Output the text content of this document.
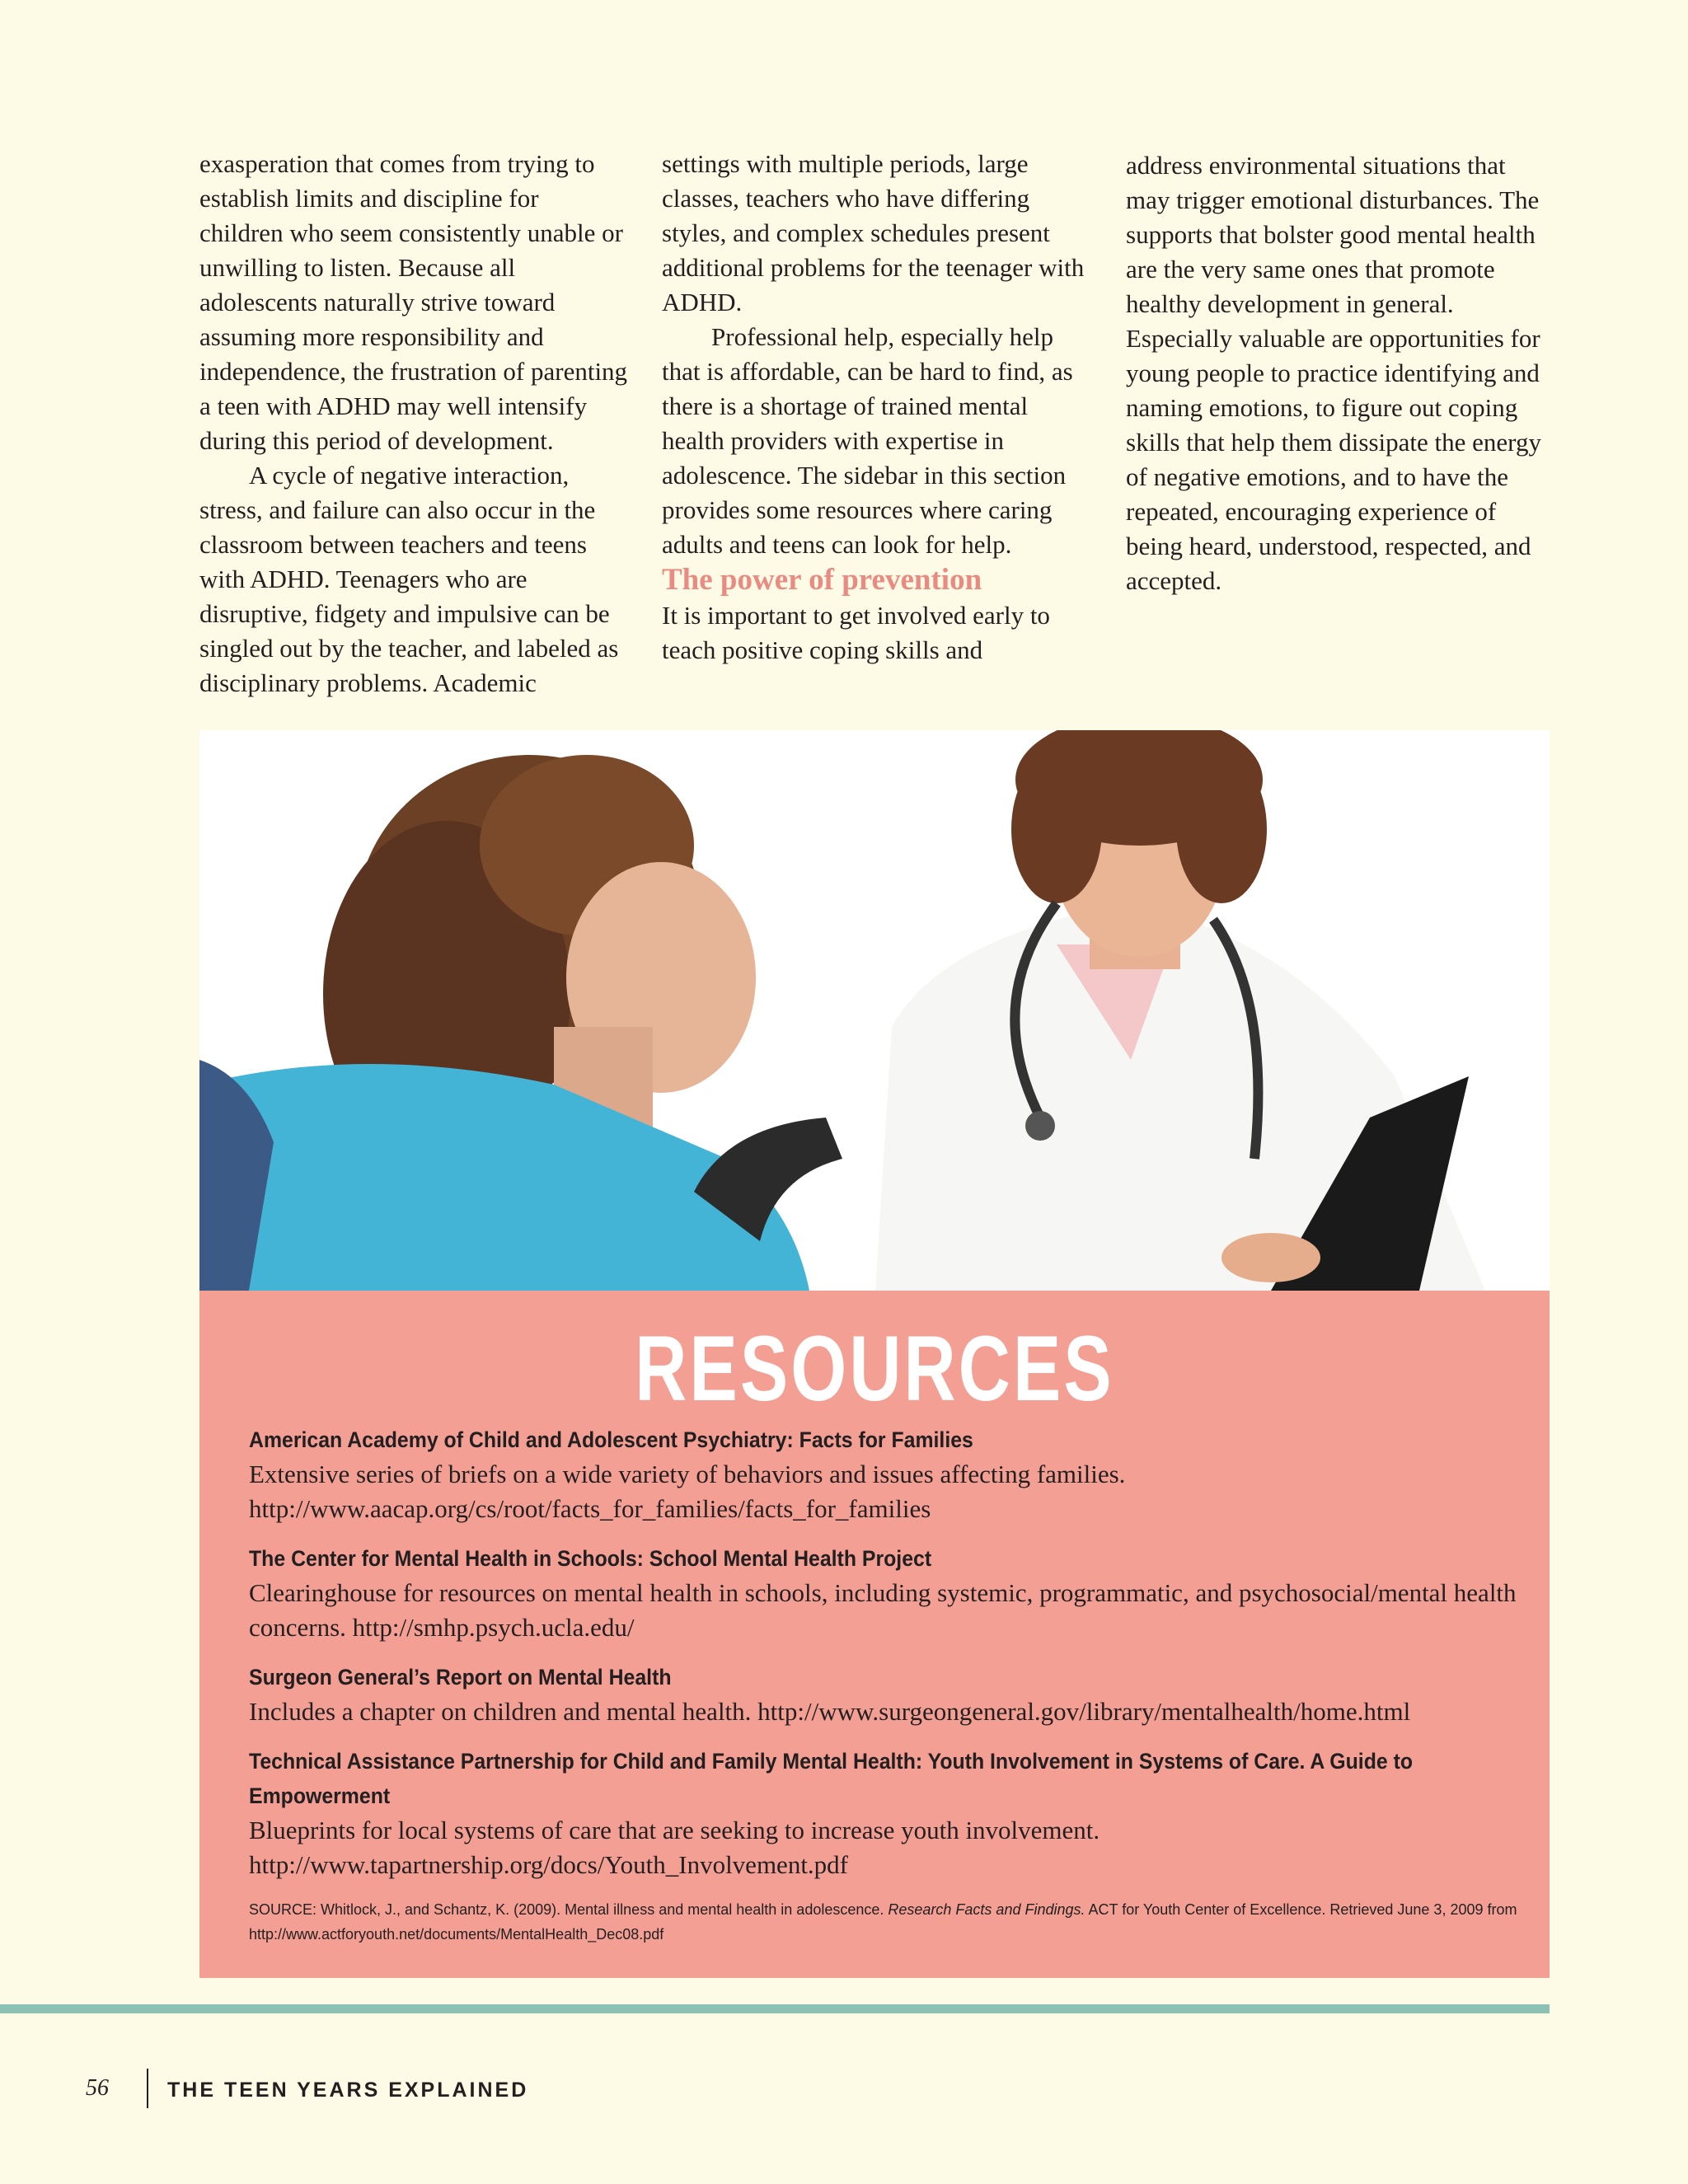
exasperation that comes from trying to establish limits and discipline for children who seem consistently unable or unwilling to listen. Because all adolescents naturally strive toward assuming more responsibility and independence, the frustration of parenting a teen with ADHD may well intensify during this period of development.

A cycle of negative interaction, stress, and failure can also occur in the classroom between teachers and teens with ADHD. Teenagers who are disruptive, fidgety and impulsive can be singled out by the teacher, and labeled as disciplinary problems. Academic

settings with multiple periods, large classes, teachers who have differing styles, and complex schedules present additional problems for the teenager with ADHD.

Professional help, especially help that is affordable, can be hard to find, as there is a shortage of trained mental health providers with expertise in adolescence. The sidebar in this section provides some resources where caring adults and teens can look for help.

The power of prevention

It is important to get involved early to teach positive coping skills and

address environmental situations that may trigger emotional disturbances. The supports that bolster good mental health are the very same ones that promote healthy development in general. Especially valuable are opportunities for young people to practice identifying and naming emotions, to figure out coping skills that help them dissipate the energy of negative emotions, and to have the repeated, encouraging experience of being heard, understood, respected, and accepted.

RESOURCES
American Academy of Child and Adolescent Psychiatry: Facts for Families
Extensive series of briefs on a wide variety of behaviors and issues affecting families. http://www.aacap.org/cs/root/facts_for_families/facts_for_families
The Center for Mental Health in Schools: School Mental Health Project
Clearinghouse for resources on mental health in schools, including systemic, programmatic, and psychosocial/mental health concerns. http://smhp.psych.ucla.edu/
Surgeon General’s Report on Mental Health
Includes a chapter on children and mental health. http://www.surgeongeneral.gov/library/mentalhealth/home.html
Technical Assistance Partnership for Child and Family Mental Health: Youth Involvement in Systems of Care. A Guide to Empowerment
Blueprints for local systems of care that are seeking to increase youth involvement. http://www.tapartnership.org/docs/Youth_Involvement.pdf
SOURCE: Whitlock, J., and Schantz, K. (2009). Mental illness and mental health in adolescence. Research Facts and Findings. ACT for Youth Center of Excellence. Retrieved June 3, 2009 from http://www.actforyouth.net/documents/MentalHealth_Dec08.pdf
56	THE TEEN YEARS EXPLAINED
